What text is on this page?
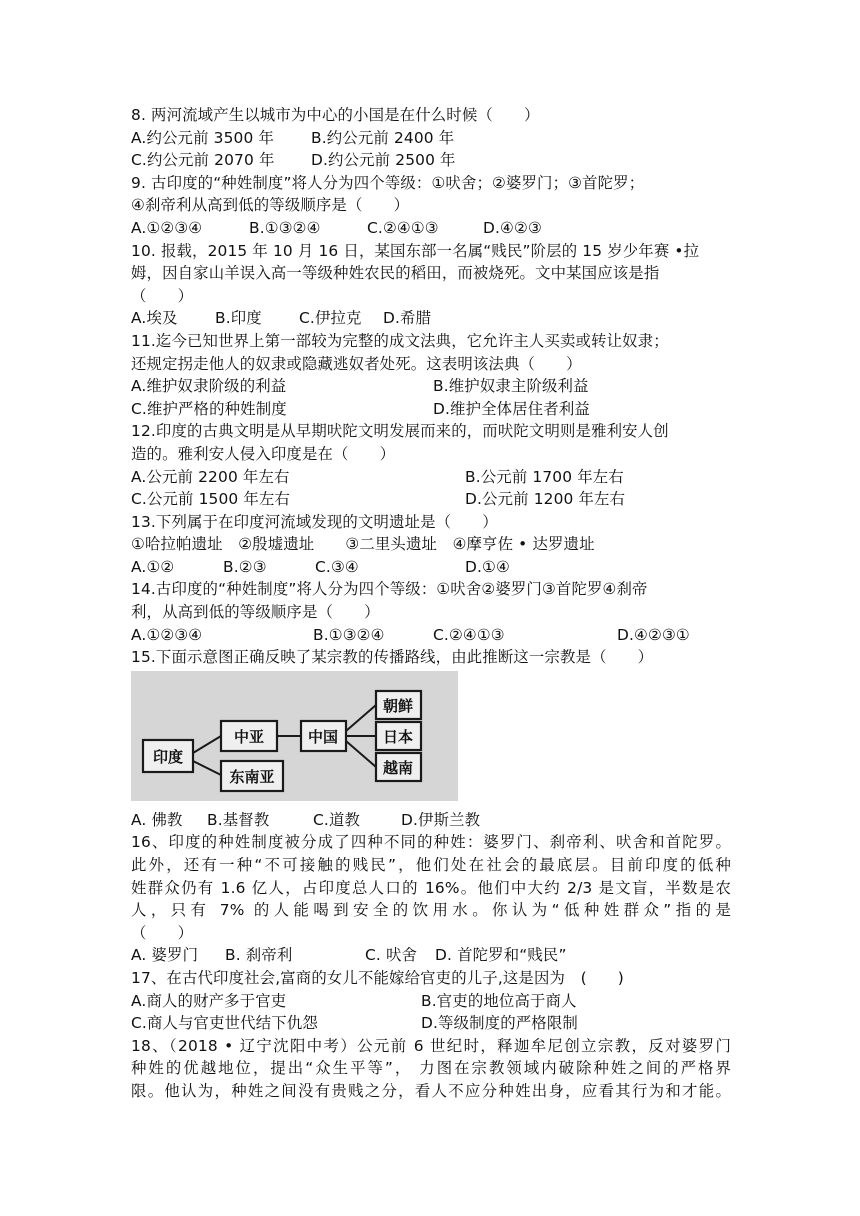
8. 两河流域产生以城市为中心的小国是在什么时候（　　）
A.约公元前 3500 年	B.约公元前 2400 年
C.约公元前 2070 年	D.约公元前 2500 年
9. 古印度的“种姓制度”将人分为四个等级：①吠舍；②婆罗门；③首陀罗；
④刹帝利从高到低的等级顺序是（　　）
A.①②③④	B.①③②④	C.②④①③	D.④②③
10. 报载，2015 年 10 月 16 日，某国东部一名属“贱民”阶层的 15 岁少年赛 •拉
姆，因自家山羊误入高一等级种姓农民的稻田，而被烧死。文中某国应该是指
（　　）
A.埃及	B.印度	C.伊拉克	D.希腊
11.迄今已知世界上第一部较为完整的成文法典，它允许主人买卖或转让奴隶；
还规定拐走他人的奴隶或隐藏逃奴者处死。这表明该法典（　　）
A.维护奴隶阶级的利益	B.维护奴隶主阶级利益
C.维护严格的种姓制度	D.维护全体居住者利益
12.印度的古典文明是从早期吠陀文明发展而来的，而吠陀文明则是雅利安人创
造的。雅利安人侵入印度是在（　　）
A.公元前 2200 年左右	B.公元前 1700 年左右
C.公元前 1500 年左右	D.公元前 1200 年左右
13.下列属于在印度河流域发现的文明遗址是（　　）
①哈拉帕遗址　②殷墟遗址　　③二里头遗址　④摩亨佐 • 达罗遗址
A.①②	B.②③	C.③④	D.①④
14.古印度的“种姓制度”将人分为四个等级：①吠舍②婆罗门③首陀罗④刹帝
利，从高到低的等级顺序是（　　）
A.①②③④	B.①③②④	C.②④①③	D.④②③①
15.下面示意图正确反映了某宗教的传播路线，由此推断这一宗教是（　　）
印度
中亚
东南亚
中国
朝鲜
日本
越南
A. 佛教	B.基督教	C.道教	D.伊斯兰教
16、印度的种姓制度被分成了四种不同的种姓：婆罗门、刹帝利、吠舍和首陀罗。
此外，还有一种“不可接触的贱民”，他们处在社会的最底层。目前印度的低种
姓群众仍有 1.6 亿人，占印度总人口的 16%。他们中大约 2/3 是文盲，半数是农
人，只有 7% 的人能喝到安全的饮用水。你认为“低种姓群众”指的是
（　　）
A. 婆罗门	B. 刹帝利	C. 吠舍	D. 首陀罗和“贱民”
17、在古代印度社会,富商的女儿不能嫁给官吏的儿子,这是因为　(　　)
A.商人的财产多于官吏	B.官吏的地位高于商人
C.商人与官吏世代结下仇怨	D.等级制度的严格限制
18、（2018 • 辽宁沈阳中考）公元前 6 世纪时，释迦牟尼创立宗教，反对婆罗门
种姓的优越地位，提出“众生平等”， 力图在宗教领域内破除种姓之间的严格界
限。他认为，种姓之间没有贵贱之分，看人不应分种姓出身，应看其行为和才能。
